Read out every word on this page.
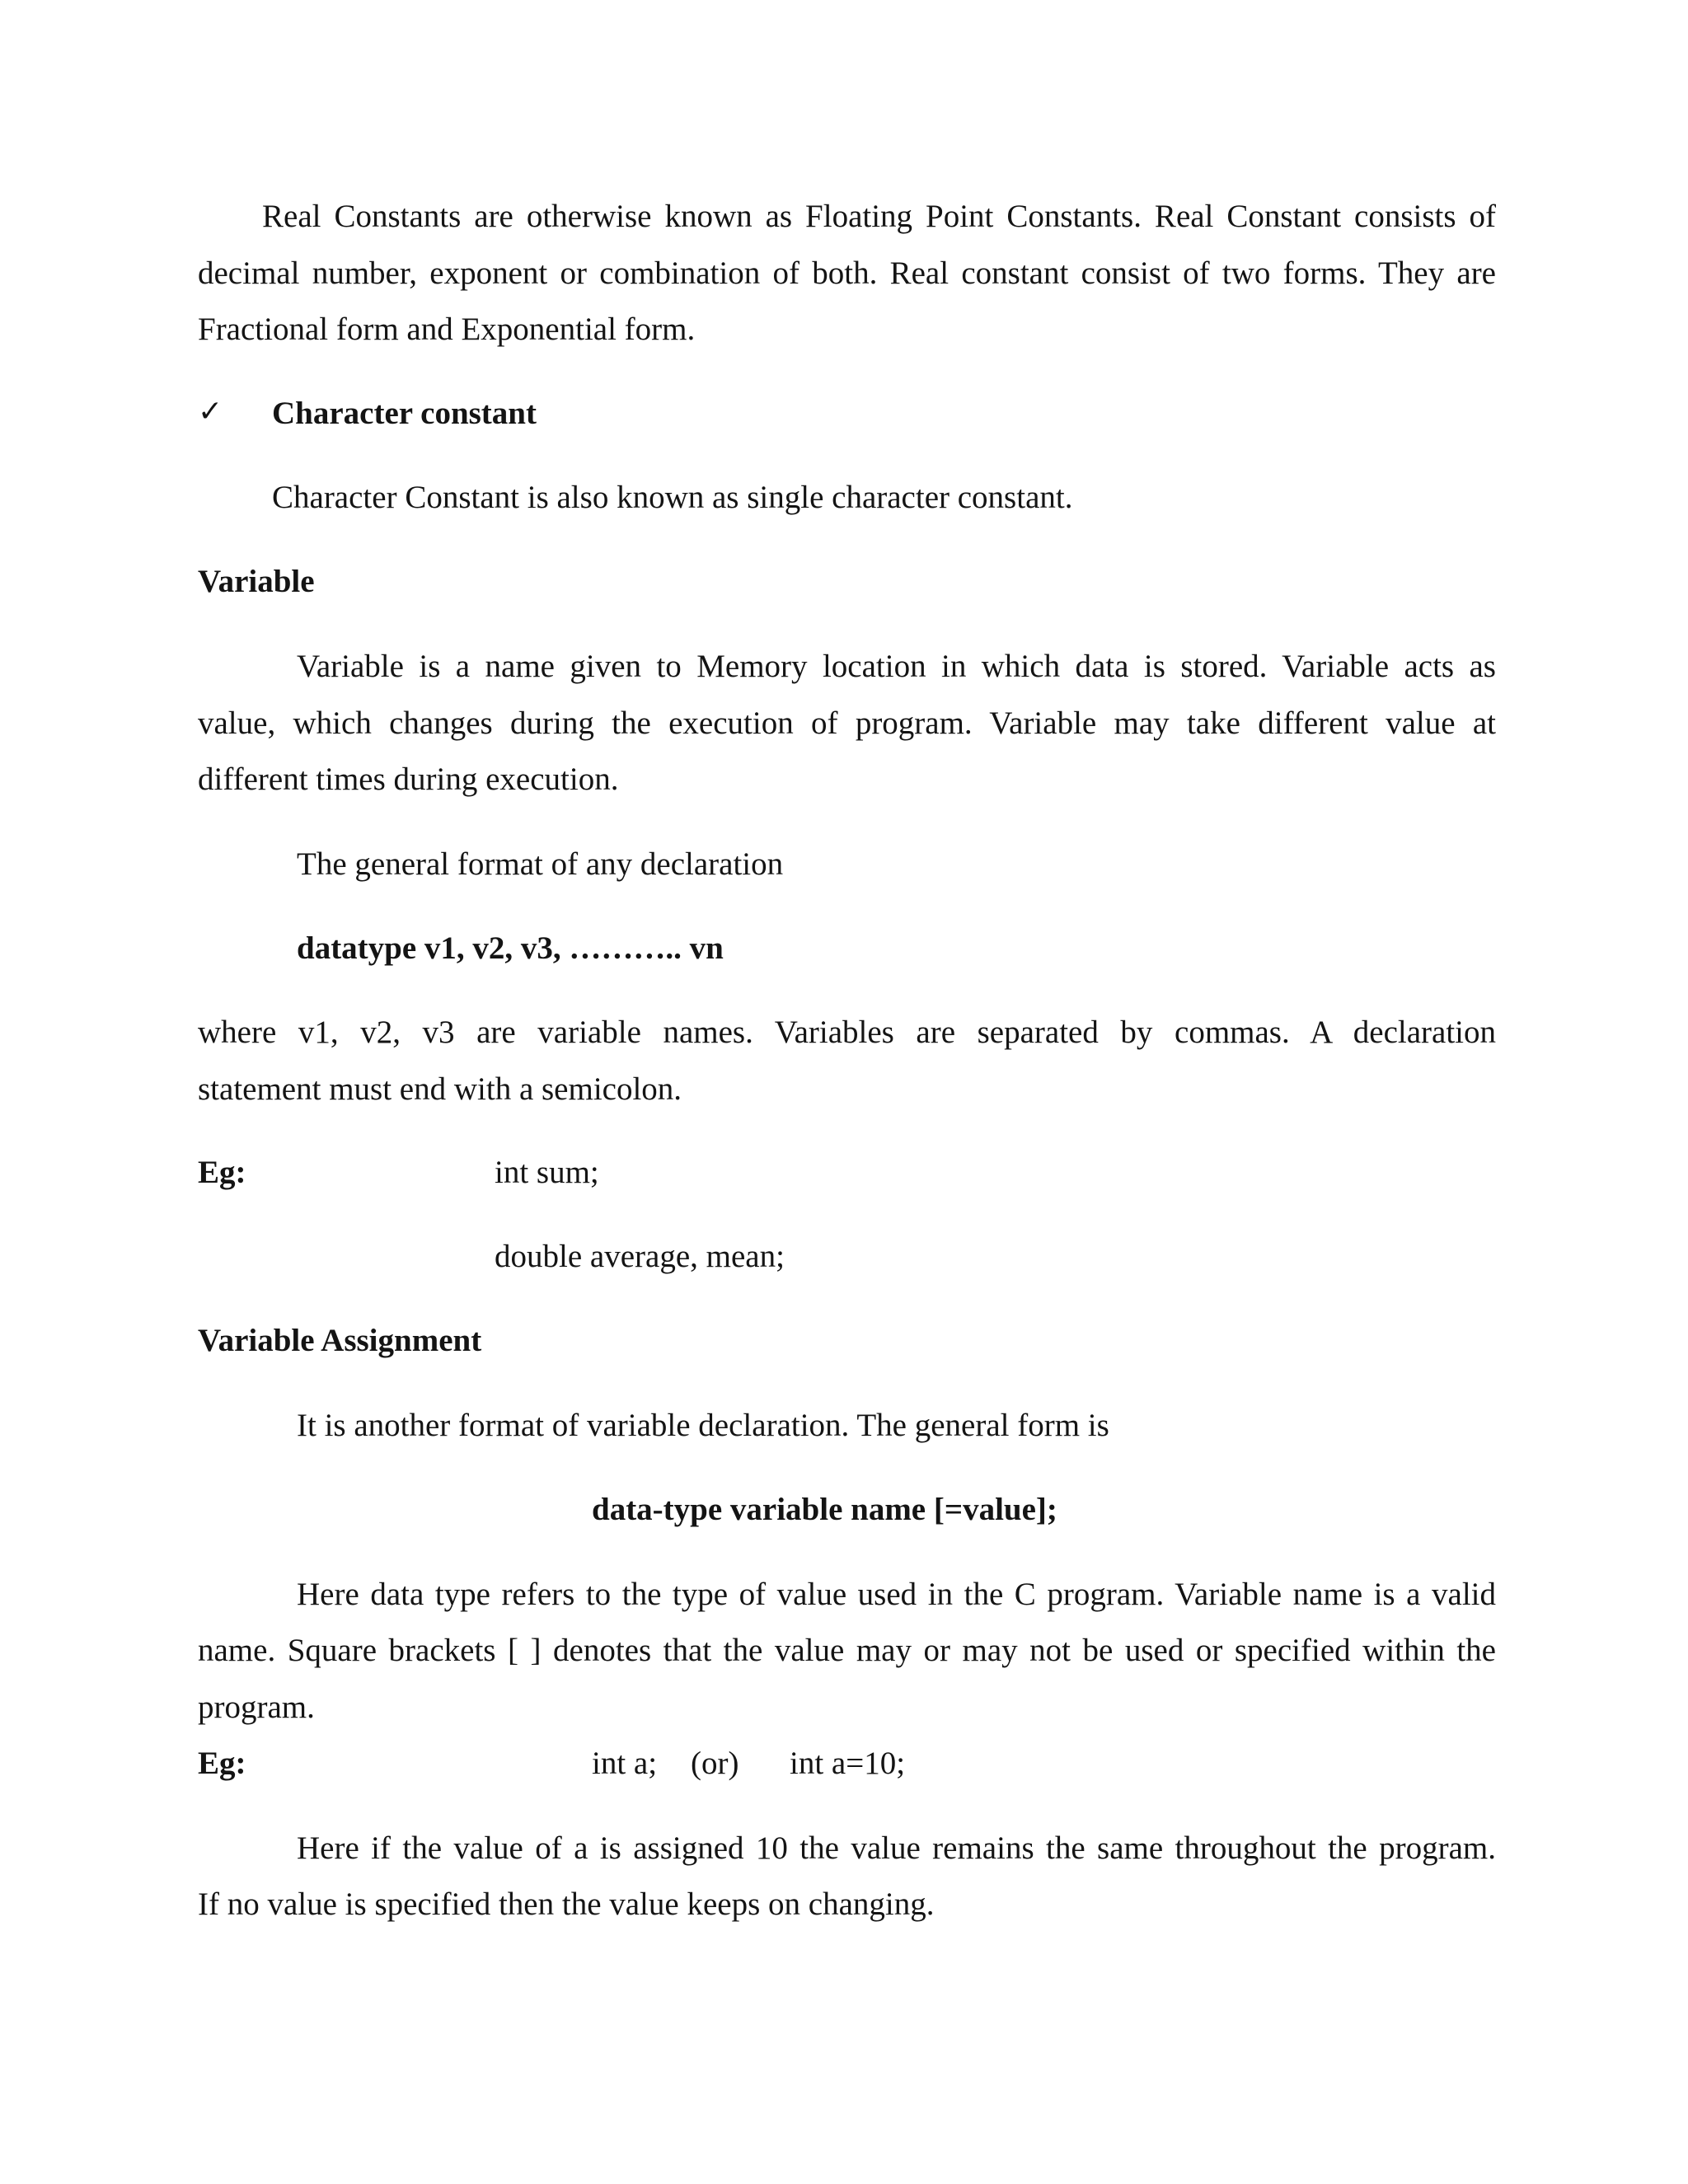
Real Constants are otherwise known as Floating Point Constants. Real Constant consists of
decimal number, exponent or combination of both. Real constant consist of two forms. They are
Fractional form and Exponential form.
✓ Character constant
Character Constant is also known as single character constant.
Variable
Variable is a name given to Memory location in which data is stored. Variable acts as
value, which changes during the execution of program. Variable may take different value at
different times during execution.
The general format of any declaration
datatype v1, v2, v3, ……….. vn
where v1, v2, v3 are variable names. Variables are separated by commas. A declaration
statement must end with a semicolon.
Eg:	int sum;
double average, mean;
Variable Assignment
It is another format of variable declaration. The general form is
data-type variable name [=value];
Here data type refers to the type of value used in the C program. Variable name is a valid
name. Square brackets [ ] denotes that the value may or may not be used or specified within the
program.
Eg:	int a; (or) int a=10;
Here if the value of a is assigned 10 the value remains the same throughout the program.
If no value is specified then the value keeps on changing.
